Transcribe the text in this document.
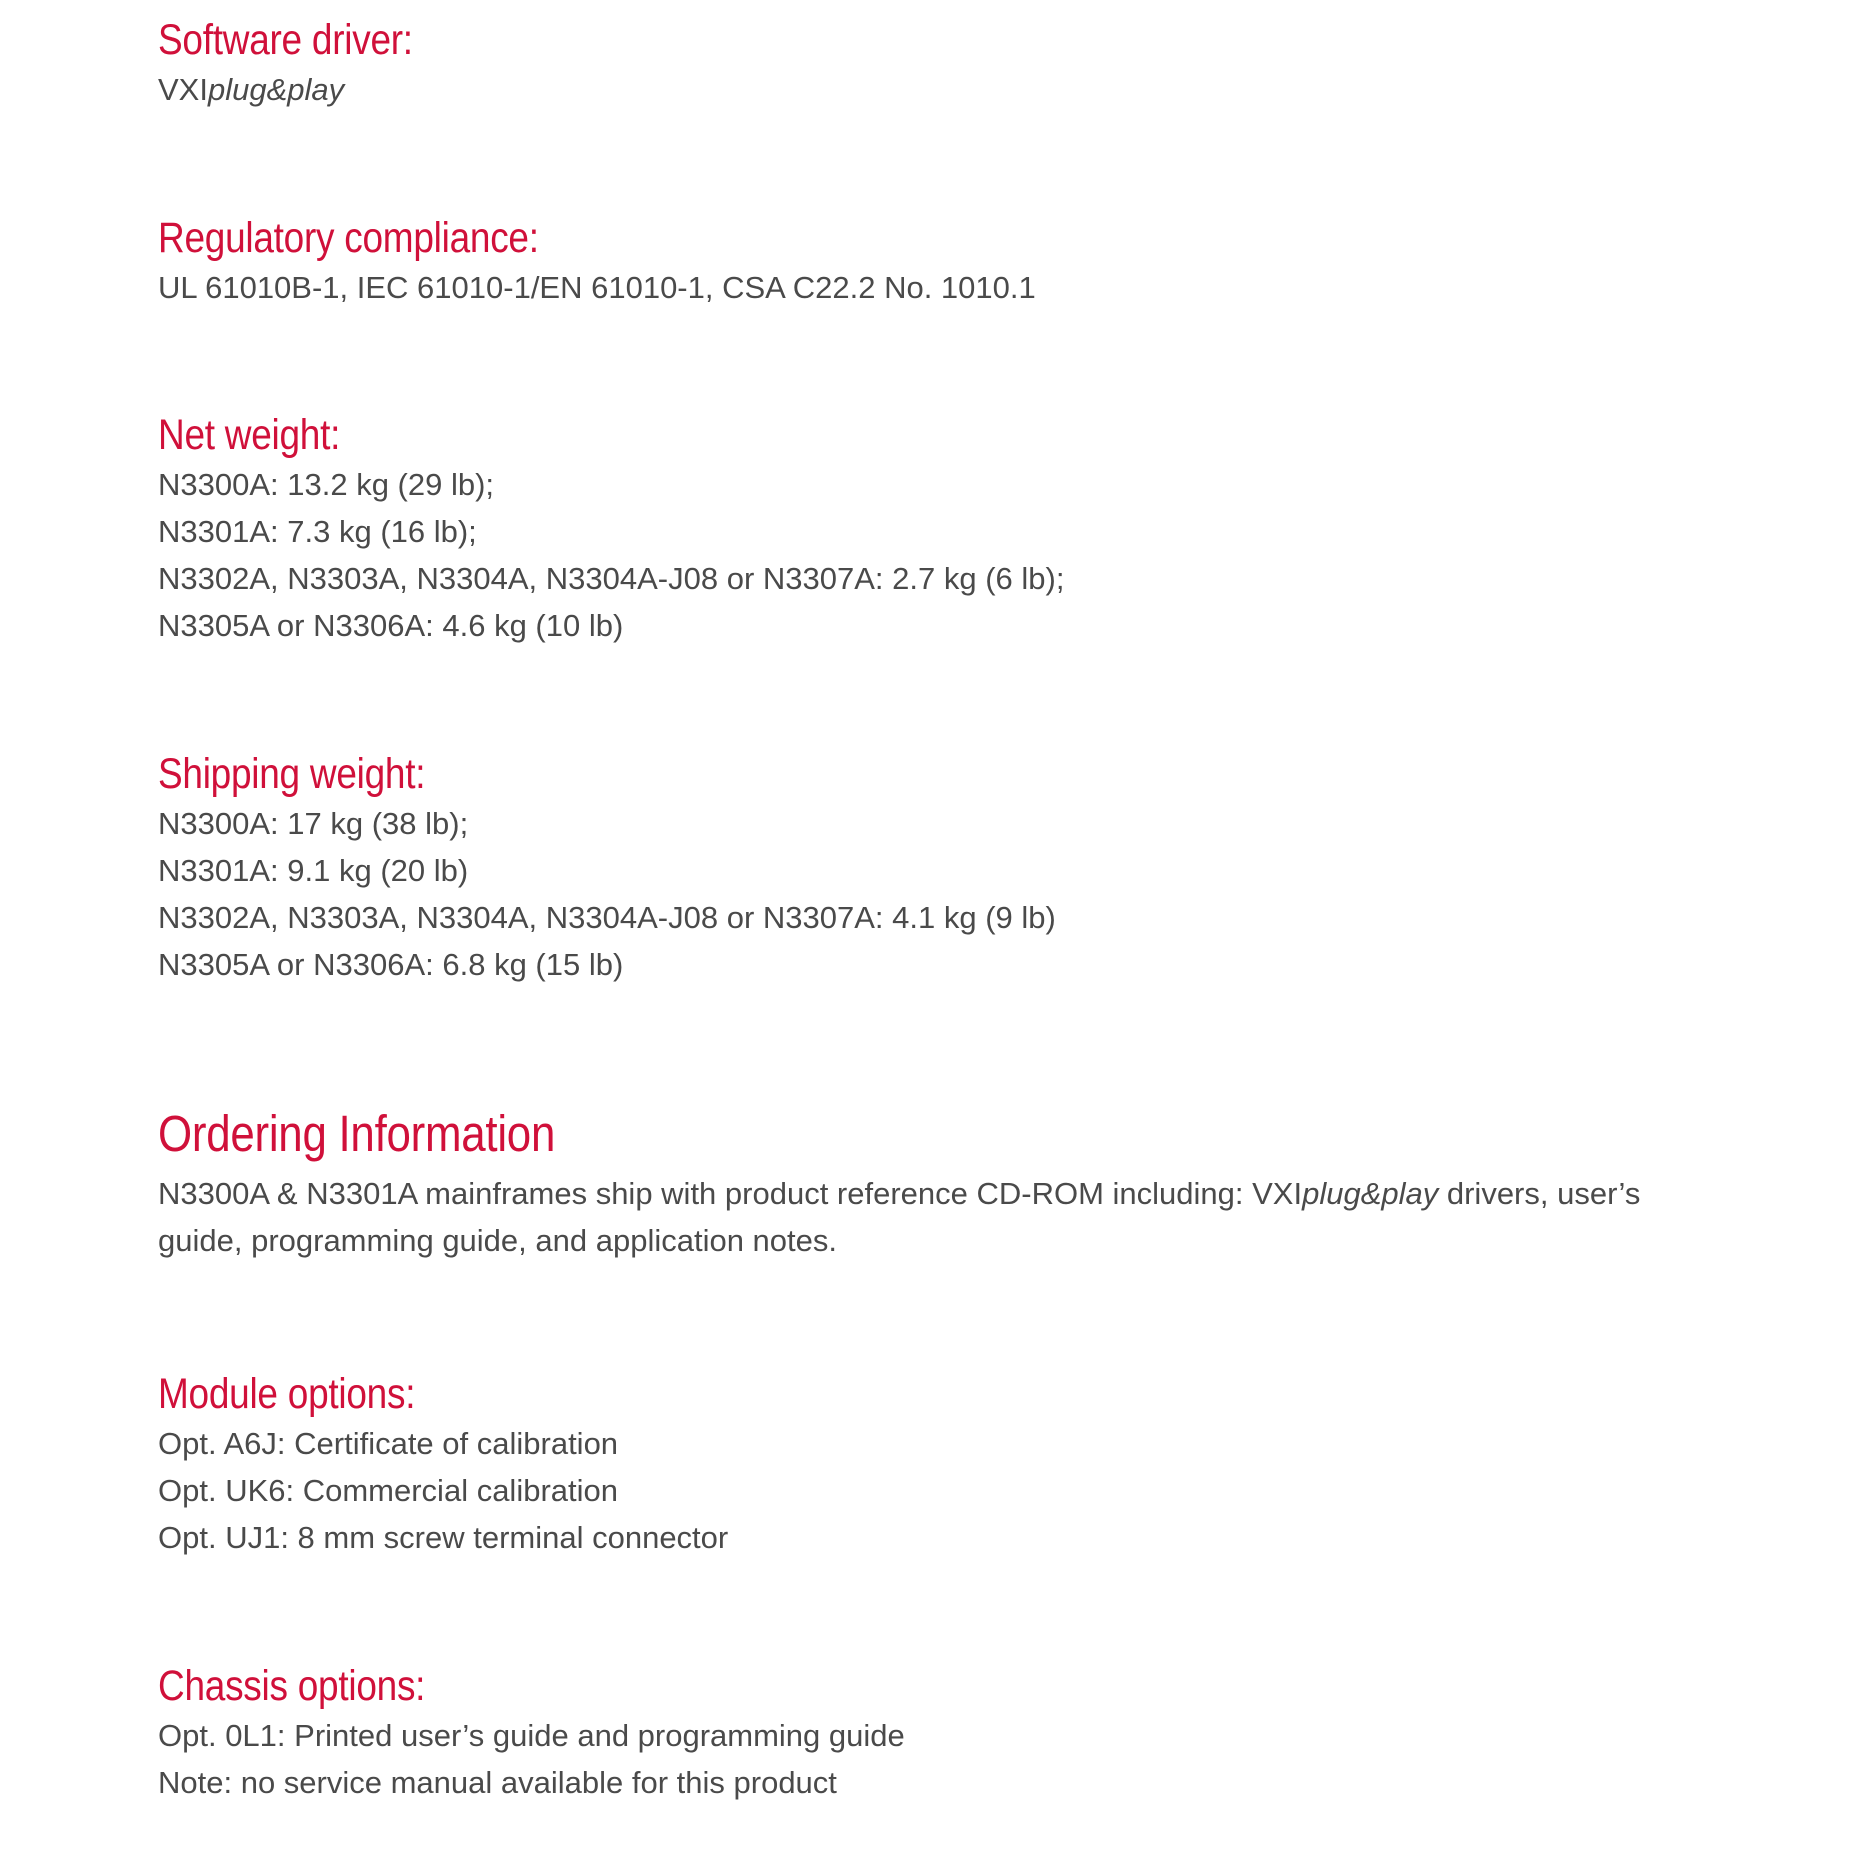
Software driver:
VXIplug&play
Regulatory compliance:
UL 61010B-1, IEC 61010-1/EN 61010-1, CSA C22.2 No. 1010.1
Net weight:
N3300A: 13.2 kg (29 lb);
N3301A: 7.3 kg (16 lb);
N3302A, N3303A, N3304A, N3304A-J08 or N3307A: 2.7 kg (6 lb);
N3305A or N3306A: 4.6 kg (10 lb)
Shipping weight:
N3300A: 17 kg (38 lb);
N3301A: 9.1 kg (20 lb)
N3302A, N3303A, N3304A, N3304A-J08 or N3307A: 4.1 kg (9 lb)
N3305A or N3306A: 6.8 kg (15 lb)
Ordering Information
N3300A & N3301A mainframes ship with product reference CD-ROM including: VXIplug&play drivers, user’s guide, programming guide, and application notes.
Module options:
Opt. A6J: Certificate of calibration
Opt. UK6: Commercial calibration
Opt. UJ1: 8 mm screw terminal connector
Chassis options:
Opt. 0L1: Printed user’s guide and programming guide
Note: no service manual available for this product
